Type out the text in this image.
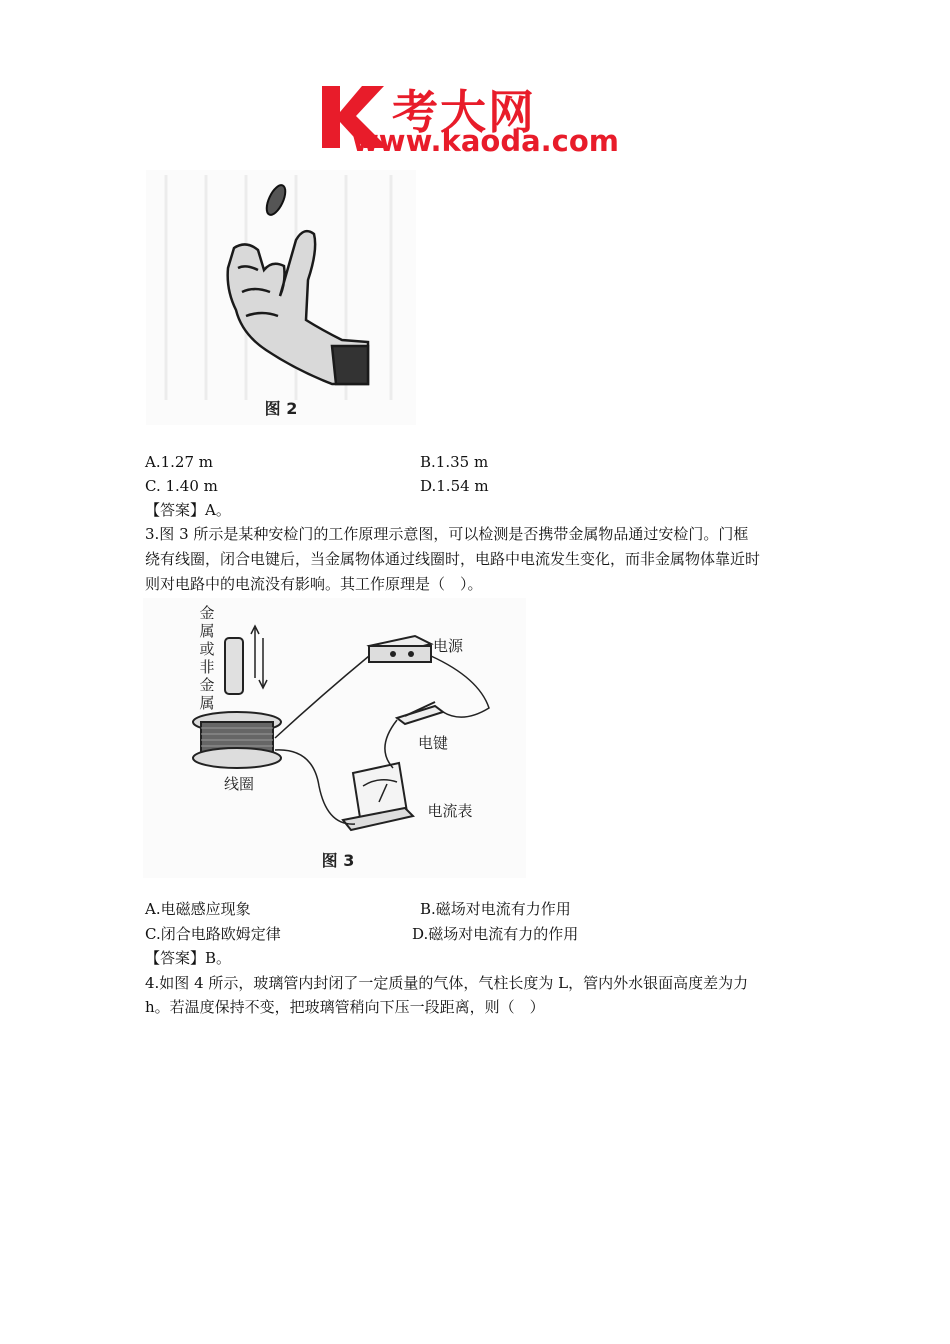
考大网
www.kaoda.com
图 2
A.1.27 m	B.1.35 m
C. 1.40 m	D.1.54 m
【答案】A。
3.图 3 所示是某种安检门的工作原理示意图，可以检测是否携带金属物品通过安检门。门框
绕有线圈，闭合电键后，当金属物体通过线圈时，电路中电流发生变化，而非金属物体靠近时
则对电路中的电流没有影响。其工作原理是（　）。
金属或非金属
线圈
电源
电键
电流表
图 3
A.电磁感应现象	B.磁场对电流有力作用
C.闭合电路欧姆定律	D.磁场对电流有力的作用
【答案】B。
4.如图 4 所示，玻璃管内封闭了一定质量的气体，气柱长度为 L，管内外水银面高度差为力
h。若温度保持不变，把玻璃管稍向下压一段距离，则（　）
